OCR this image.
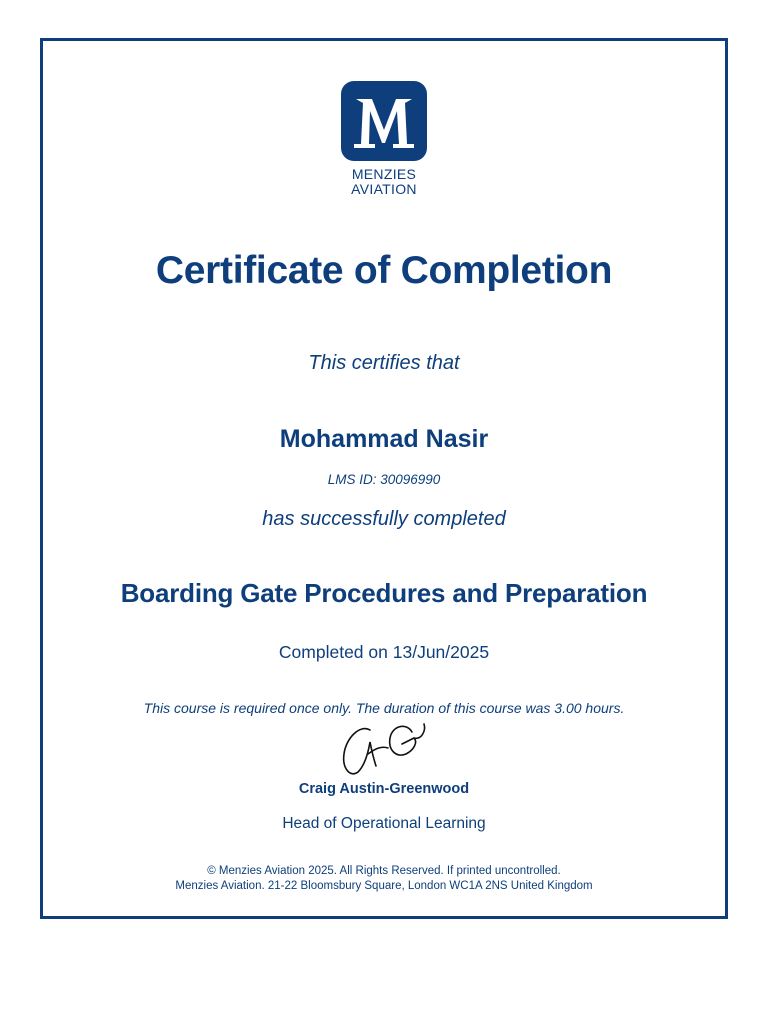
MENZIES
AVIATION
Certificate of Completion
This certifies that
Mohammad Nasir
LMS ID: 30096990
has successfully completed
Boarding Gate Procedures and Preparation
Completed on 13/Jun/2025
This course is required once only. The duration of this course was 3.00 hours.
Craig Austin-Greenwood
Head of Operational Learning
© Menzies Aviation 2025. All Rights Reserved. If printed uncontrolled.
Menzies Aviation. 21-22 Bloomsbury Square, London WC1A 2NS United Kingdom
